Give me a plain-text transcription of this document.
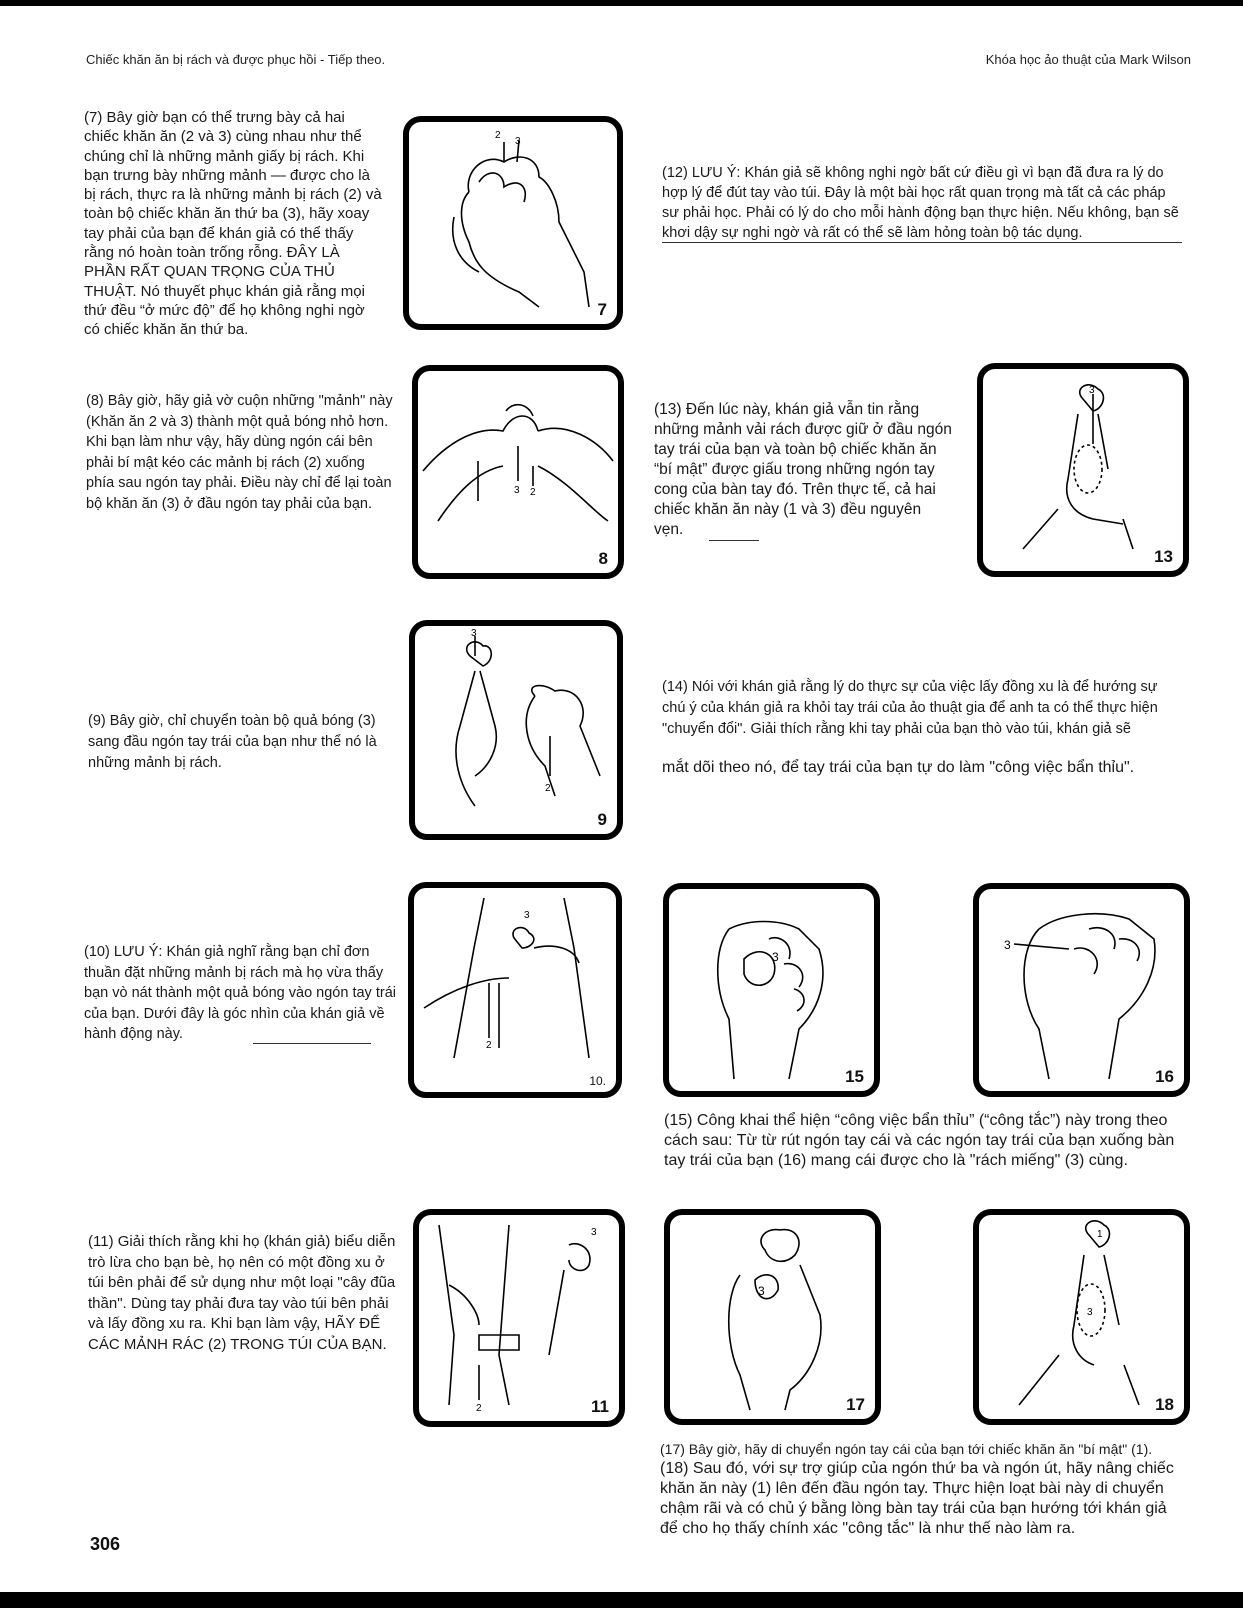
Chiếc khăn ăn bị rách và được phục hồi - Tiếp theo.	Khóa học ảo thuật của Mark Wilson
(7) Bây giờ bạn có thể trưng bày cả hai chiếc khăn ăn (2 và 3) cùng nhau như thể chúng chỉ là những mảnh giấy bị rách. Khi bạn trưng bày những mảnh — được cho là bị rách, thực ra là những mảnh bị rách (2) và toàn bộ chiếc khăn ăn thứ ba (3), hãy xoay tay phải của bạn để khán giả có thể thấy rằng nó hoàn toàn trống rỗng. ĐÂY LÀ PHẦN RẤT QUAN TRỌNG CỦA THỦ THUẬT. Nó thuyết phục khán giả rằng mọi thứ đều “ở mức độ” để họ không nghi ngờ có chiếc khăn ăn thứ ba.
2
3
7
(12) LƯU Ý: Khán giả sẽ không nghi ngờ bất cứ điều gì vì bạn đã đưa ra lý do hợp lý để đút tay vào túi. Đây là một bài học rất quan trọng mà tất cả các pháp sư phải học. Phải có lý do cho mỗi hành động bạn thực hiện. Nếu không, bạn sẽ khơi dậy sự nghi ngờ và rất có thể sẽ làm hỏng toàn bộ tác dụng.
(8) Bây giờ, hãy giả vờ cuộn những "mảnh" này (Khăn ăn 2 và 3) thành một quả bóng nhỏ hơn. Khi bạn làm như vậy, hãy dùng ngón cái bên phải bí mật kéo các mảnh bị rách (2) xuống phía sau ngón tay phải. Điều này chỉ để lại toàn bộ khăn ăn (3) ở đầu ngón tay phải của bạn.
3 2
8
(13) Đến lúc này, khán giả vẫn tin rằng những mảnh vải rách được giữ ở đầu ngón tay trái của bạn và toàn bộ chiếc khăn ăn “bí mật” được giấu trong những ngón tay cong của bàn tay đó. Trên thực tế, cả hai chiếc khăn ăn này (1 và 3) đều nguyên vẹn.
3
13
(9) Bây giờ, chỉ chuyển toàn bộ quả bóng (3) sang đầu ngón tay trái của bạn như thể nó là những mảnh bị rách.
3
2
9
(14) Nói với khán giả rằng lý do thực sự của việc lấy đồng xu là để hướng sự chú ý của khán giả ra khỏi tay trái của ảo thuật gia để anh ta có thể thực hiện "chuyển đổi". Giải thích rằng khi tay phải của bạn thò vào túi, khán giả sẽ
mắt dõi theo nó, để tay trái của bạn tự do làm "công việc bẩn thỉu".
(10) LƯU Ý: Khán giả nghĩ rằng bạn chỉ đơn thuần đặt những mảnh bị rách mà họ vừa thấy bạn vò nát thành một quả bóng vào ngón tay trái của bạn. Dưới đây là góc nhìn của khán giả về hành động này.
3
2
10.
3
15
3
16
(15) Công khai thể hiện “công việc bẩn thỉu” (“công tắc”) này trong theo cách sau: Từ từ rút ngón tay cái và các ngón tay trái của bạn xuống bàn tay trái của bạn (16) mang cái được cho là "rách miếng" (3) cùng.
(11) Giải thích rằng khi họ (khán giả) biểu diễn trò lừa cho bạn bè, họ nên có một đồng xu ở túi bên phải để sử dụng như một loại "cây đũa thần". Dùng tay phải đưa tay vào túi bên phải và lấy đồng xu ra. Khi bạn làm vậy, HÃY ĐỂ CÁC MẢNH RÁC (2) TRONG TÚI CỦA BẠN.
3
2	11
3
17
1
3
18
(17) Bây giờ, hãy di chuyển ngón tay cái của bạn tới chiếc khăn ăn "bí mật" (1).
(18) Sau đó, với sự trợ giúp của ngón thứ ba và ngón út, hãy nâng chiếc khăn ăn này (1) lên đến đầu ngón tay. Thực hiện loạt bài này di chuyển chậm rãi và có chủ ý bằng lòng bàn tay trái của bạn hướng tới khán giả để cho họ thấy chính xác "công tắc" là như thế nào làm ra.
306
